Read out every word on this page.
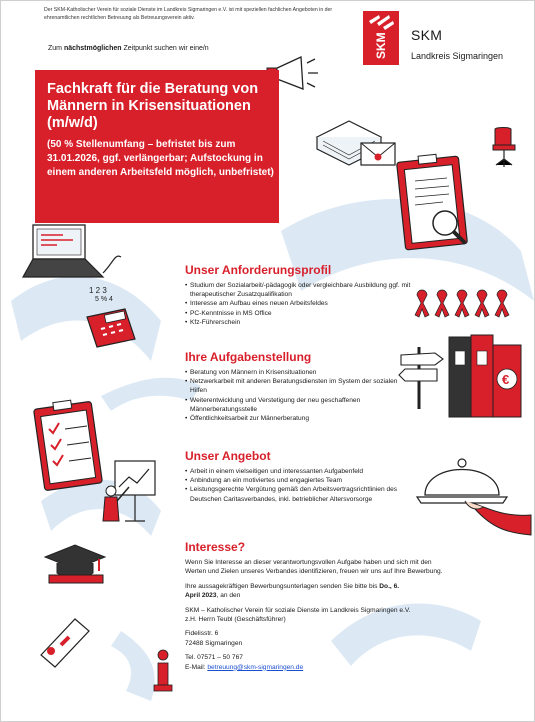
Der SKM-Katholischer Verein für soziale Dienste im Landkreis Sigmaringen e.V. ist mit speziellen fachlichen Angeboten in der ehrenamtlichen rechtlichen Betreuung als Betreuungsverein aktiv.
SKM SKM
Landkreis Sigmaringen
Zum nächstmöglichen Zeitpunkt suchen wir eine/n
Fachkraft für die Beratung von Männern in Krisensituationen (m/w/d)
(50 % Stellenumfang – befristet bis zum 31.01.2026, ggf. verlängerbar; Aufstockung in einem anderen Arbeitsfeld möglich, unbefristet)
1 2 3
5 % 4
Unser Anforderungsprofil
• Studium der Sozialarbeit/-pädagogik oder vergleichbare Ausbildung ggf. mit therapeutischer Zusatzqualifikation
• Interesse am Aufbau eines neuen Arbeitsfeldes
• PC-Kenntnisse in MS Office
• Kfz-Führerschein
€
Ihre Aufgabenstellung
• Beratung von Männern in Krisensituationen
• Netzwerkarbeit mit anderen Beratungsdiensten im System der sozialen Hilfen
• Weiterentwicklung und Verstetigung der neu geschaffenen Männerberatungsstelle
• Öffentlichkeitsarbeit zur Männerberatung
Unser Angebot
• Arbeit in einem vielseitigen und interessanten Aufgabenfeld
• Anbindung an ein motiviertes und engagiertes Team
• Leistungsgerechte Vergütung gemäß den Arbeitsvertragsrichtlinien des Deutschen Caritasverbandes, inkl. betrieblicher Altersvorsorge
Interesse?
Wenn Sie Interesse an dieser verantwortungsvollen Aufgabe haben und sich mit den Werten und Zielen unseres Verbandes identifizieren, freuen wir uns auf Ihre Bewerbung.
Ihre aussagekräftigen Bewerbungsunterlagen senden Sie bitte bis Do., 6. April 2023, an den
SKM – Katholischer Verein für soziale Dienste im Landkreis Sigmaringen e.V.
z.H. Herrn Teubl (Geschäftsführer)
Fidelisstr. 6
72488 Sigmaringen
Tel. 07571 – 50 767
E-Mail: betreuung@skm-sigmaringen.de
